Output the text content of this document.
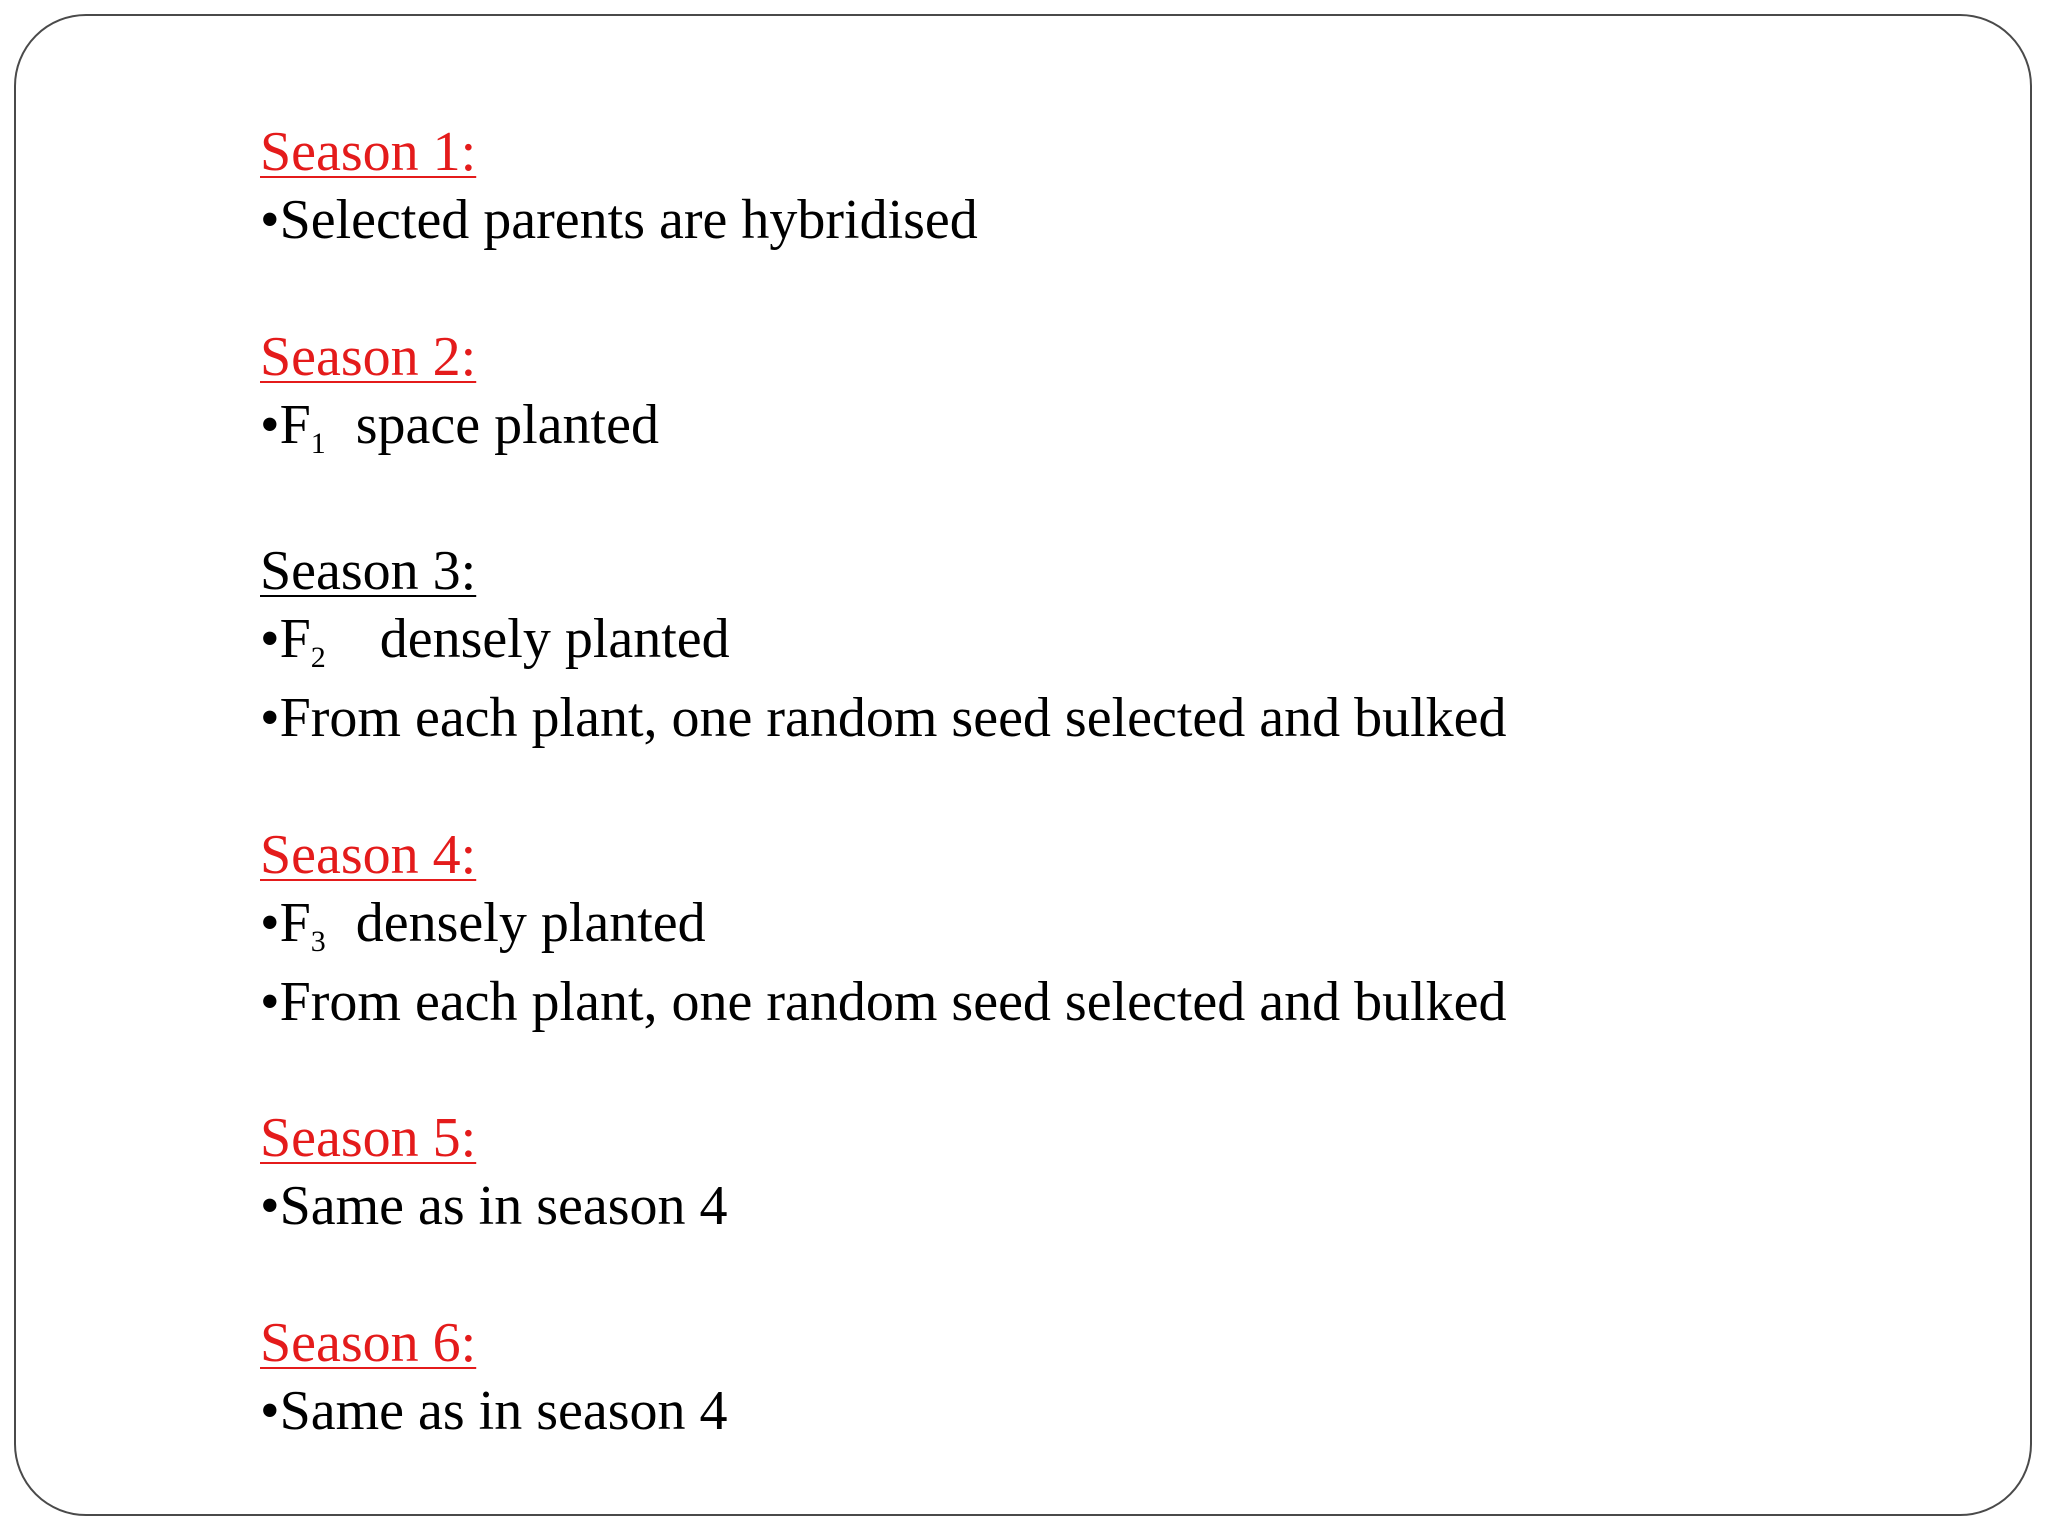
Season 1:
•Selected parents are hybridised
Season 2:
$•F_1$ space planted
Season 3:
$•F_2$  densely planted
•From each plant, one random seed selected and bulked
Season 4:
$•F_3$ densely planted
•From each plant, one random seed selected and bulked
Season 5:
•Same as in season 4
Season 6:
•Same as in season 4
